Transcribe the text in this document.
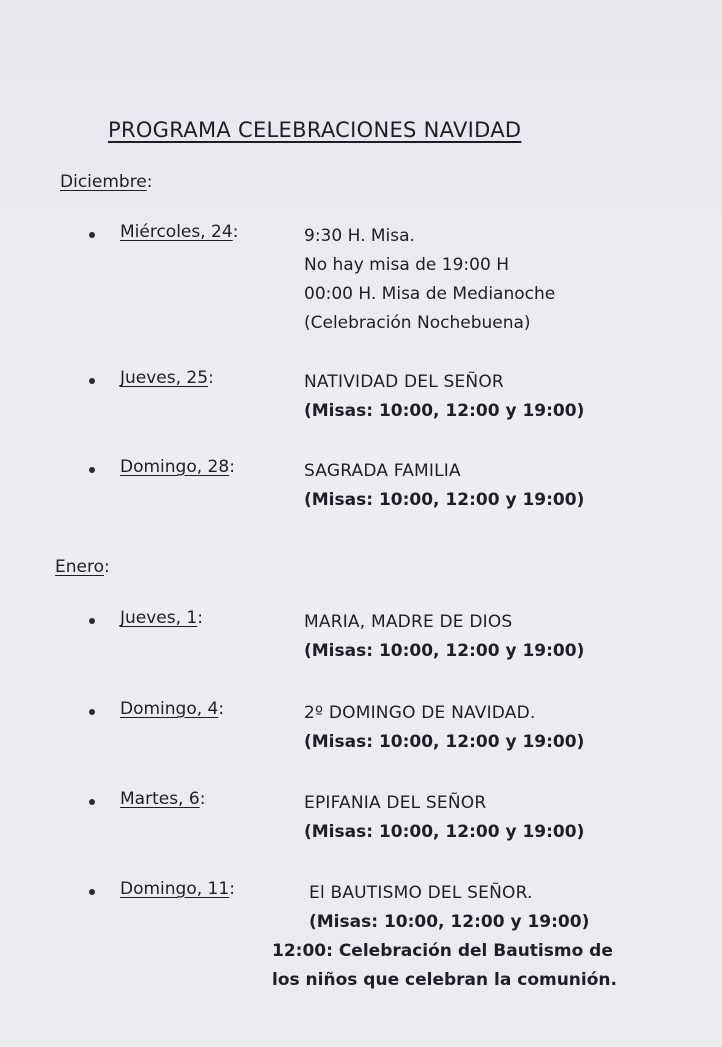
PROGRAMA CELEBRACIONES NAVIDAD
Diciembre:
Miércoles, 24:	9:30 H. Misa.
No hay misa de 19:00 H
00:00 H. Misa de Medianoche
(Celebración Nochebuena)
Jueves, 25:	NATIVIDAD DEL SEÑOR
(Misas: 10:00, 12:00 y 19:00)
Domingo, 28:	SAGRADA FAMILIA
(Misas: 10:00, 12:00 y 19:00)
Enero:
Jueves, 1:	MARIA, MADRE DE DIOS
(Misas: 10:00, 12:00 y 19:00)
Domingo, 4:	2º DOMINGO DE NAVIDAD.
(Misas: 10:00, 12:00 y 19:00)
Martes, 6:	EPIFANIA DEL SEÑOR
(Misas: 10:00, 12:00 y 19:00)
Domingo, 11:	El BAUTISMO DEL SEÑOR.
(Misas: 10:00, 12:00 y 19:00)
12:00: Celebración del Bautismo de
los niños que celebran la comunión.
